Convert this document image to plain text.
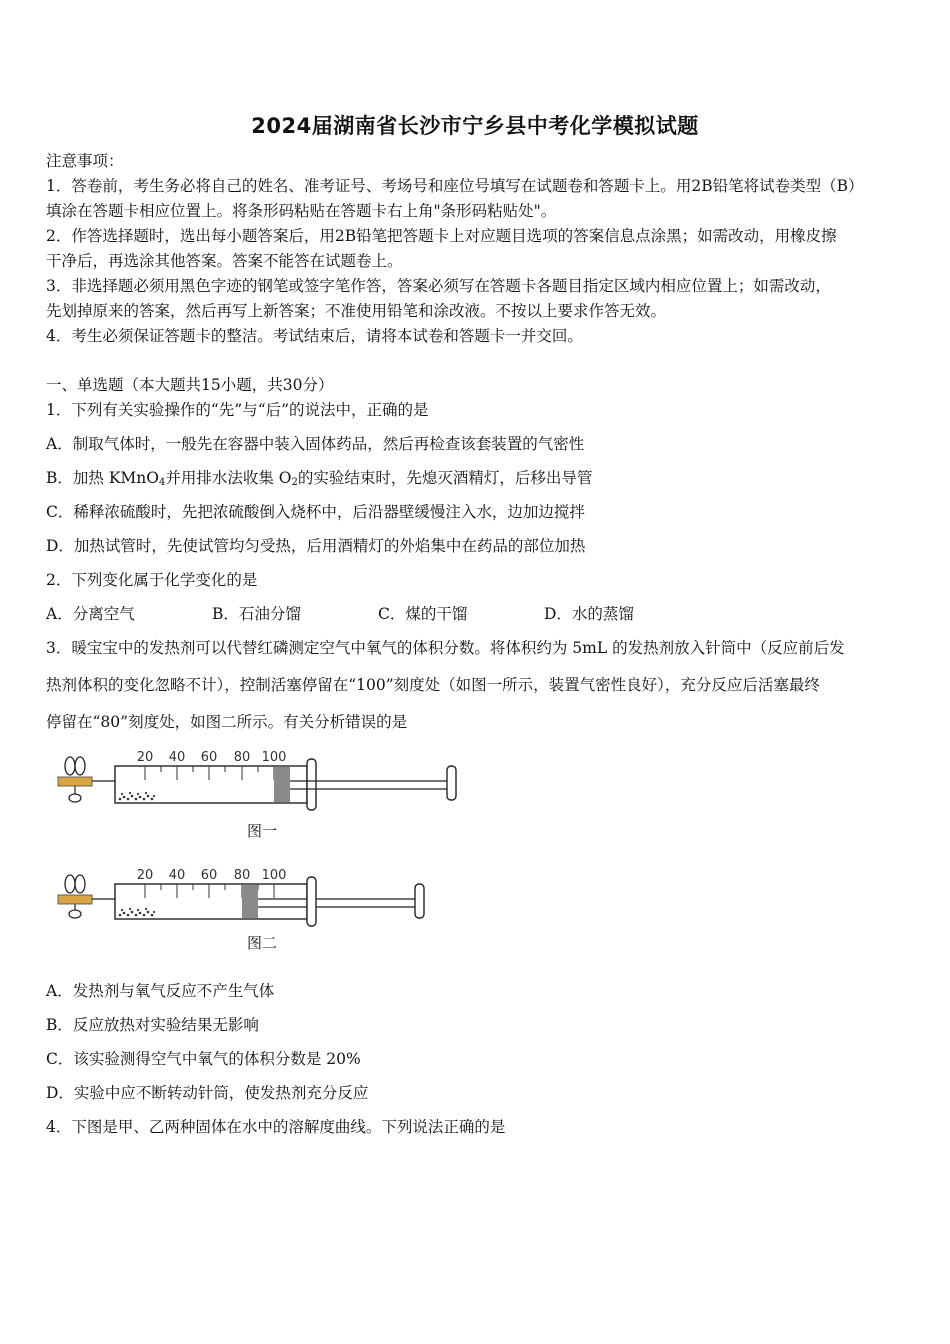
2024届湖南省长沙市宁乡县中考化学模拟试题
注意事项：
1．答卷前，考生务必将自己的姓名、准考证号、考场号和座位号填写在试题卷和答题卡上。用2B铅笔将试卷类型（B）
填涂在答题卡相应位置上。将条形码粘贴在答题卡右上角"条形码粘贴处"。
2．作答选择题时，选出每小题答案后，用2B铅笔把答题卡上对应题目选项的答案信息点涂黑；如需改动，用橡皮擦
干净后，再选涂其他答案。答案不能答在试题卷上。
3．非选择题必须用黑色字迹的钢笔或签字笔作答，答案必须写在答题卡各题目指定区域内相应位置上；如需改动，
先划掉原来的答案，然后再写上新答案；不准使用铅笔和涂改液。不按以上要求作答无效。
4．考生必须保证答题卡的整洁。考试结束后，请将本试卷和答题卡一并交回。
一、单选题（本大题共15小题，共30分）
1．下列有关实验操作的“先”与“后”的说法中，正确的是
A．制取气体时，一般先在容器中装入固体药品，然后再检查该套装置的气密性
B．加热 KMnO$_4$并用排水法收集 $O_2$的实验结束时，先熄灭酒精灯，后移出导管
C．稀释浓硫酸时，先把浓硫酸倒入烧杯中，后沿器壁缓慢注入水，边加边搅拌
D．加热试管时，先使试管均匀受热，后用酒精灯的外焰集中在药品的部位加热
2．下列变化属于化学变化的是
A．分离空气	B．石油分馏	C．煤的干馏	D．水的蒸馏
3．暖宝宝中的发热剂可以代替红磷测定空气中氧气的体积分数。将体积约为 5mL 的发热剂放入针筒中（反应前后发
热剂体积的变化忽略不计），控制活塞停留在“100”刻度处（如图一所示，装置气密性良好），充分反应后活塞最终
停留在“80”刻度处，如图二所示。有关分析错误的是
20 40 60 80 100
图一
20 40 60 80 100
图二
A．发热剂与氧气反应不产生气体
B．反应放热对实验结果无影响
C．该实验测得空气中氧气的体积分数是 20%
D．实验中应不断转动针筒，使发热剂充分反应
4．下图是甲、乙两种固体在水中的溶解度曲线。下列说法正确的是
